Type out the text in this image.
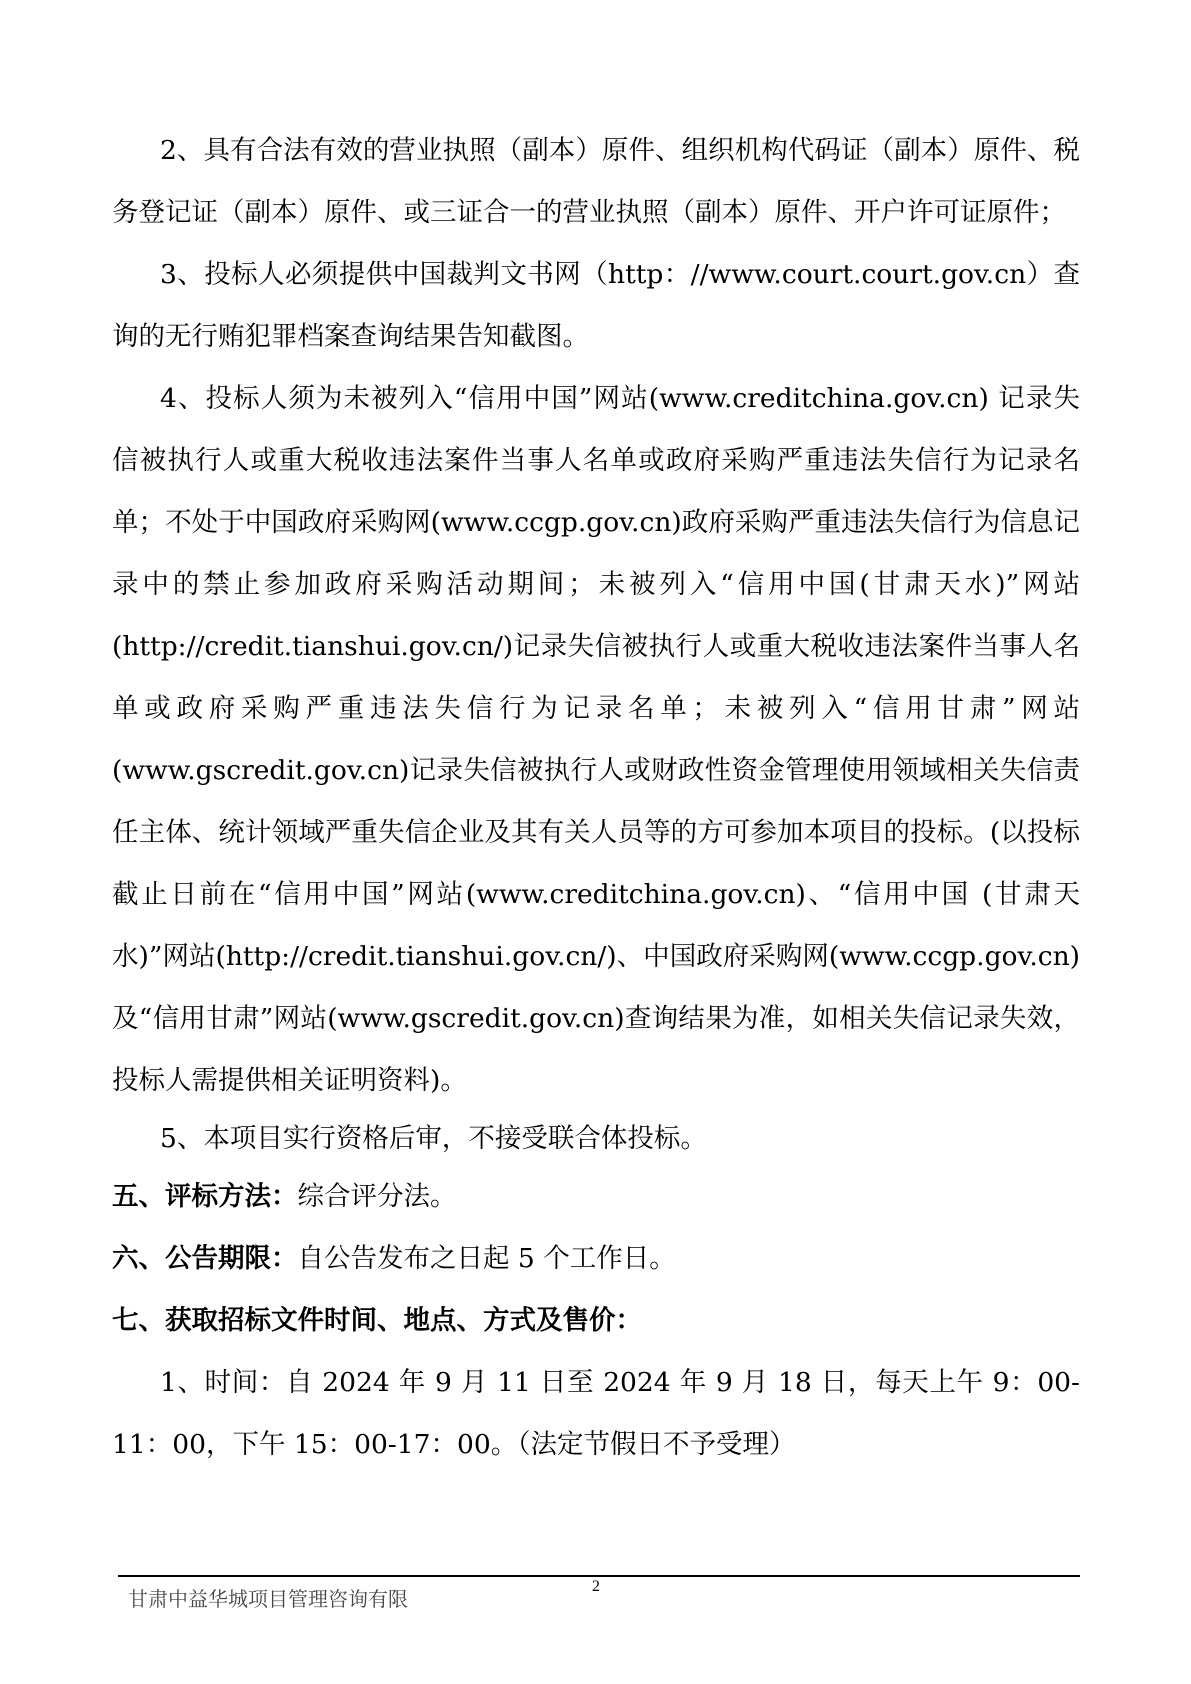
2、具有合法有效的营业执照（副本）原件、组织机构代码证（副本）原件、税务登记证（副本）原件、或三证合一的营业执照（副本）原件、开户许可证原件；

3、投标人必须提供中国裁判文书网（http：//www.court.court.gov.cn）查询的无行贿犯罪档案查询结果告知截图。

4、投标人须为未被列入“信用中国”网站(www.creditchina.gov.cn) 记录失信被执行人或重大税收违法案件当事人名单或政府采购严重违法失信行为记录名单；不处于中国政府采购网(www.ccgp.gov.cn)政府采购严重违法失信行为信息记录中的禁止参加政府采购活动期间；未被列入“信用中国(甘肃天水)”网站(http://credit.tianshui.gov.cn/)记录失信被执行人或重大税收违法案件当事人名单或政府采购严重违法失信行为记录名单；未被列入“信用甘肃”网站(www.gscredit.gov.cn)记录失信被执行人或财政性资金管理使用领域相关失信责任主体、统计领域严重失信企业及其有关人员等的方可参加本项目的投标。(以投标截止日前在“信用中国”网站(www.creditchina.gov.cn)、“信用中国 (甘肃天水)”网站(http://credit.tianshui.gov.cn/)、中国政府采购网(www.ccgp.gov.cn)及“信用甘肃”网站(www.gscredit.gov.cn)查询结果为准，如相关失信记录失效，投标人需提供相关证明资料)。

5、本项目实行资格后审，不接受联合体投标。

五、评标方法：综合评分法。

六、公告期限：自公告发布之日起 5 个工作日。

七、获取招标文件时间、地点、方式及售价：

1、时间：自 2024 年 9 月 11 日至 2024 年 9 月 18 日，每天上午 9：00-11：00，下午 15：00-17：00。（法定节假日不予受理）

甘肃中益华城项目管理咨询有限
2
